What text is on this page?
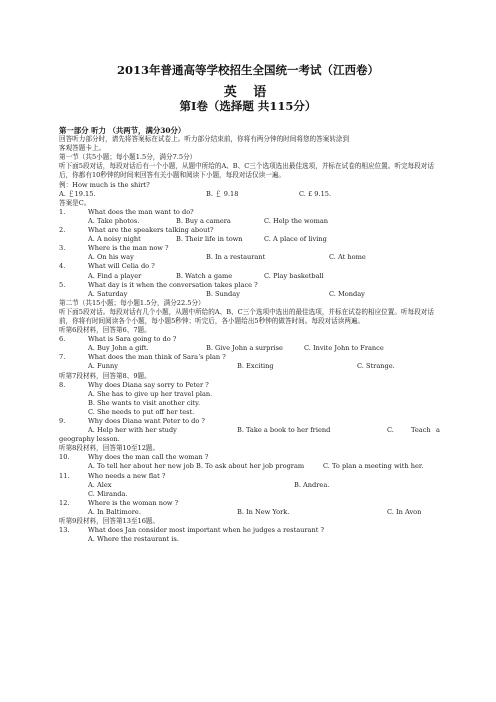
2013年普通高等学校招生全国统一考试（江西卷）
英 语
第Ⅰ卷（选择题 共115分）
第一部分 听力 （共两节，满分30分）
回答听力部分时，请先将答案标在试卷上。听力部分结束前，你将有两分钟的时间将您的答案转涂到
客观答题卡上。
第一节（共5小题；每小题1.5分，满分7.5分）
听下面5段对话，每段对话后有一个小题，从题中所给的A、B、C三个选项选出最佳选项，并标在试卷的相应位置。听完每段对话后，你都有10秒钟的时间来回答有关小题和阅读下小题，每段对话仅读一遍。
例：How much is the shirt?
A. ￡19.15.	B. ￡ 9.18	C. £ 9.15.
答案是C。
1.	What does the man want to do?
A. Take photos.	B. Buy a camera	C. Help the woman
2.	What are the speakers talking about?
A. A noisy night	B. Their life in town	C. A place of living
3.	Where is the man now ?
A. On his way	B. In a restaurant	C. At home
4.	What will Celia do ?
A. Find a player	B. Watch a game	C. Play basketball
5.	What day is it when the conversation takes place ?
A. Saturday	B. Sunday	C. Monday
第二节（共15小题；每小题1.5分，满分22.5分）
听下面5段对话。每段对话有几个小题，从题中所给的A、B、C三个选项中选出的最佳选项，并标在试卷的相应位置。听每段对话前，你将有时间阅读各个小题，每小题5秒钟；听完后，各小题给出5秒钟的做答时间。每段对话读两遍。
听第6段材料，回答第6、7题。
6.	What is Sara going to do ?
A. Buy John a gift.	B. Give John a surprise	C. Invite John to France
7.	What does the man think of Sara’s plan ?
A. Funny	B. Exciting	C. Strange.
听第7段材料，回答第8、9题。
8.	Why does Diana say sorry to Peter ?
A. She has to give up her travel plan.
B. She wants to visit another city.
C. She needs to put off her test.
9.	Why does Diana want Peter to do ?
A. Help her with her study	B. Take a book to her friend	C.	Teach a
geography lesson.
听第8段材料，回答第10至12题。
10.	Why does the man call the woman ?
A. To tell her about her new job B. To ask about her job program	C. To plan a meeting with her.
11.	Who needs a new flat ?
A. Alex	B. Andrea.
C. Miranda.
12.	Where is the woman now ?
A. In Baltimore.	B. In New York.	C. In Avon
听第9段材料，回答第13至16题。
13.	What does Jan consider most important when he judges a restaurant ?
A. Where the restaurant is.
